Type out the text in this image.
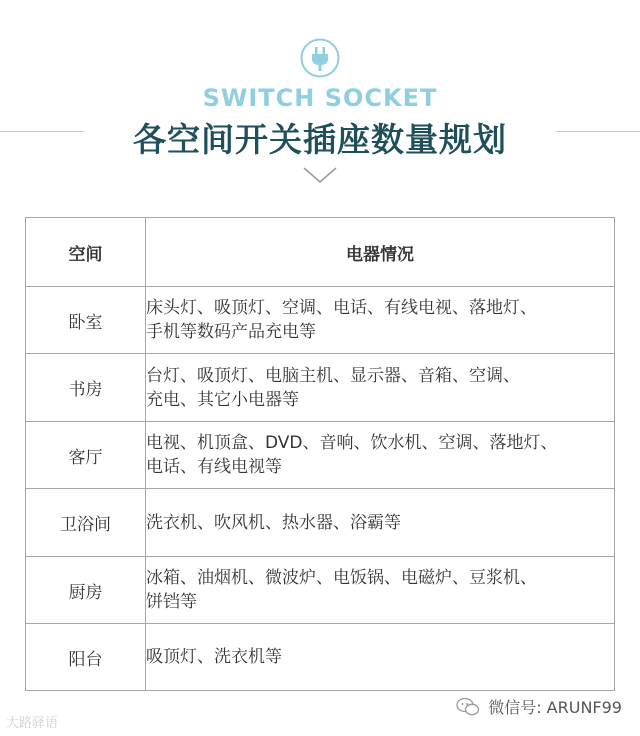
SWITCH SOCKET
各空间开关插座数量规划
空间	电器情况
卧室	床头灯、吸顶灯、空调、电话、有线电视、落地灯、
手机等数码产品充电等

书房	台灯、吸顶灯、电脑主机、显示器、音箱、空调、
充电、其它小电器等

客厅	电视、机顶盒、DVD、音响、饮水机、空调、落地灯、
电话、有线电视等

卫浴间	洗衣机、吹风机、热水器、浴霸等

厨房	冰箱、油烟机、微波炉、电饭锅、电磁炉、豆浆机、
饼铛等

阳台	吸顶灯、洗衣机等
大路驿语
微信号: ARUNF99
